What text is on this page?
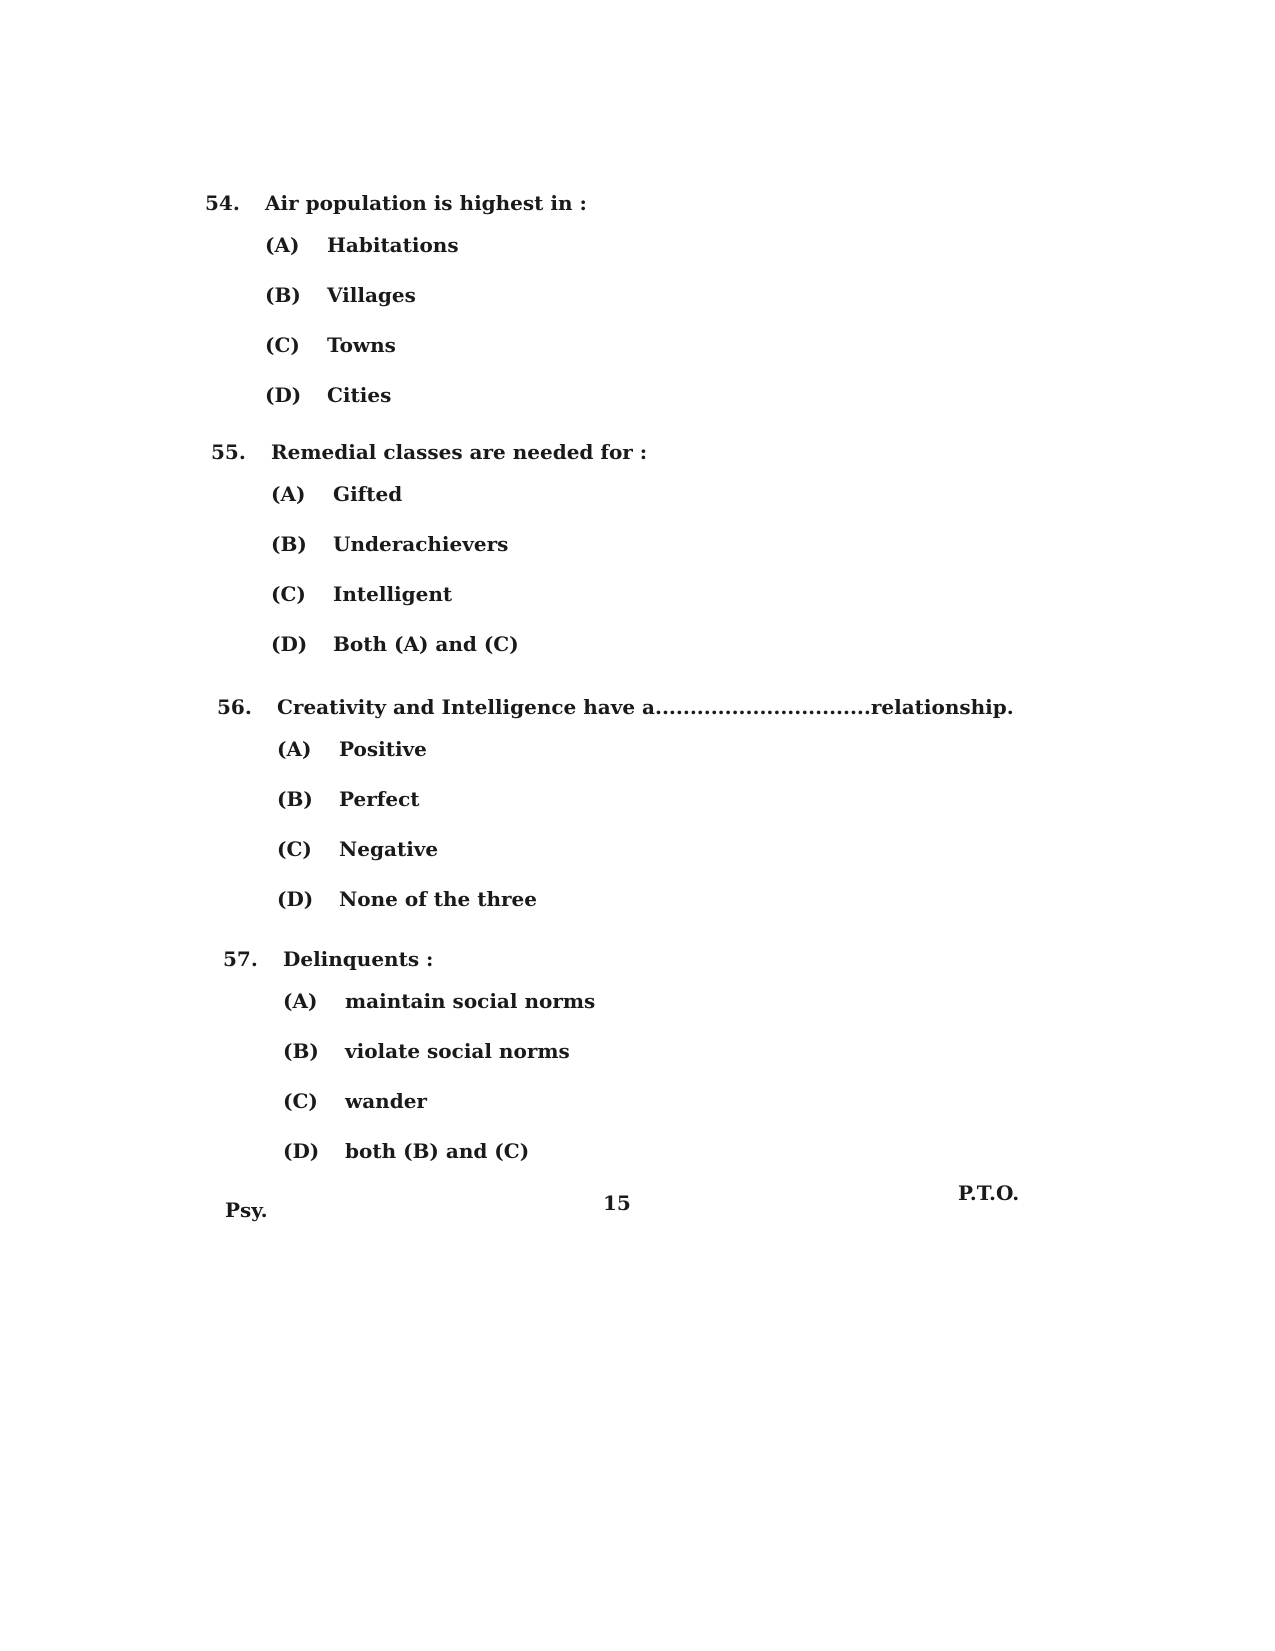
54. Air population is highest in :
(A) Habitations
(B) Villages
(C) Towns
(D) Cities
55. Remedial classes are needed for :
(A) Gifted
(B) Underachievers
(C) Intelligent
(D) Both (A) and (C)
56. Creativity and Intelligence have a...............................relationship.
(A) Positive
(B) Perfect
(C) Negative
(D) None of the three
57. Delinquents :
(A) maintain social norms
(B) violate social norms
(C) wander
(D) both (B) and (C)
Psy.	15	P.T.O.
